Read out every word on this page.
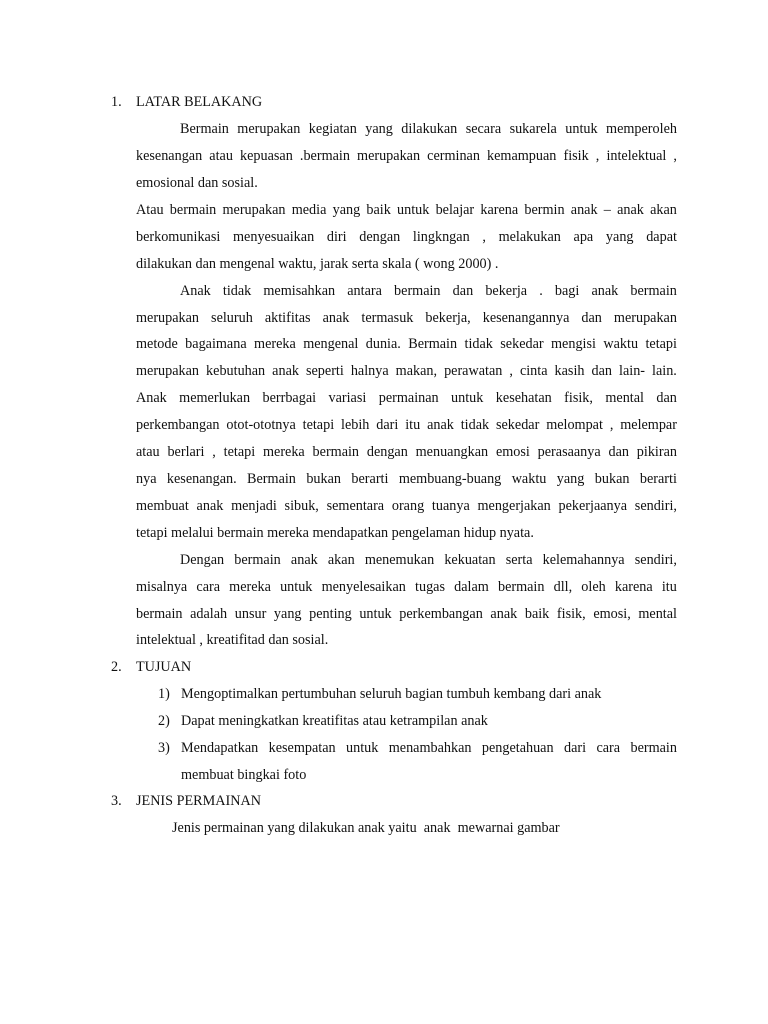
1. LATAR BELAKANG
Bermain merupakan kegiatan yang dilakukan secara sukarela untuk memperoleh
kesenangan atau kepuasan .bermain merupakan cerminan kemampuan fisik , intelektual ,
emosional dan sosial.
Atau bermain merupakan media yang baik untuk belajar karena bermin anak – anak akan
berkomunikasi menyesuaikan diri dengan lingkngan , melakukan apa yang dapat
dilakukan dan mengenal waktu, jarak serta skala ( wong 2000) .
Anak tidak memisahkan antara bermain dan bekerja . bagi anak bermain
merupakan seluruh aktifitas anak termasuk bekerja, kesenangannya dan merupakan
metode bagaimana mereka mengenal dunia. Bermain tidak sekedar mengisi waktu tetapi
merupakan kebutuhan anak seperti halnya makan, perawatan , cinta kasih dan lain- lain.
Anak memerlukan berrbagai variasi permainan untuk kesehatan fisik, mental dan
perkembangan otot-ototnya tetapi lebih dari itu anak tidak sekedar melompat , melempar
atau berlari , tetapi mereka bermain dengan menuangkan emosi perasaanya dan pikiran
nya kesenangan. Bermain bukan berarti membuang-buang waktu yang bukan berarti
membuat anak menjadi sibuk, sementara orang tuanya mengerjakan pekerjaanya sendiri,
tetapi melalui bermain mereka mendapatkan pengelaman hidup nyata.
Dengan bermain anak akan menemukan kekuatan serta kelemahannya sendiri,
misalnya cara mereka untuk menyelesaikan tugas dalam bermain dll, oleh karena itu
bermain adalah unsur yang penting untuk perkembangan anak baik fisik, emosi, mental
intelektual , kreatifitad dan sosial.
2. TUJUAN
1) Mengoptimalkan pertumbuhan seluruh bagian tumbuh kembang dari anak
2) Dapat meningkatkan kreatifitas atau ketrampilan anak
3) Mendapatkan kesempatan untuk menambahkan pengetahuan dari cara bermain
membuat bingkai foto
3. JENIS PERMAINAN
Jenis permainan yang dilakukan anak yaitu  anak  mewarnai gambar
